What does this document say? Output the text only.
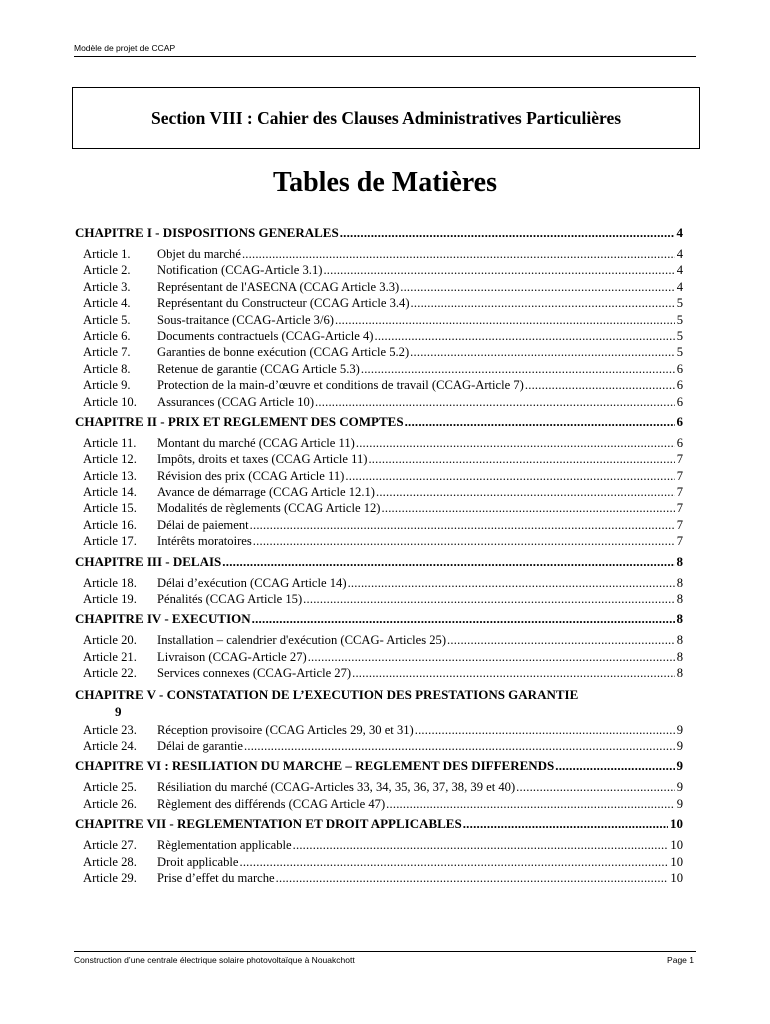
Modèle de projet de CCAP
Section VIII : Cahier des Clauses Administratives Particulières
Tables de Matières
CHAPITRE I - DISPOSITIONS GENERALES .....	4
Article 1.	Objet du marché .....	4
Article 2.	Notification (CCAG-Article 3.1) .....	4
Article 3.	Représentant de l'ASECNA (CCAG Article 3.3) .....	4
Article 4.	Représentant du Constructeur (CCAG Article 3.4) .....	5
Article 5.	Sous-traitance (CCAG-Article 3/6) .....	5
Article 6.	Documents contractuels (CCAG-Article 4) .....	5
Article 7.	Garanties de bonne exécution (CCAG Article 5.2) .....	5
Article 8.	Retenue de garantie (CCAG Article 5.3) .....	6
Article 9.	Protection de la main-d’œuvre et conditions de travail (CCAG-Article 7) .....	6
Article 10.	Assurances (CCAG Article 10) .....	6
CHAPITRE II - PRIX ET REGLEMENT DES COMPTES .....	6
Article 11.	Montant du marché (CCAG Article 11) .....	6
Article 12.	Impôts, droits et taxes (CCAG Article 11) .....	7
Article 13.	Révision des prix (CCAG Article 11) .....	7
Article 14.	Avance de démarrage (CCAG Article 12.1) .....	7
Article 15.	Modalités de règlements (CCAG Article 12) .....	7
Article 16.	Délai de paiement .....	7
Article 17.	Intérêts moratoires .....	7
CHAPITRE III - DELAIS .....	8
Article 18.	Délai d’exécution (CCAG Article 14) .....	8
Article 19.	Pénalités (CCAG Article 15) .....	8
CHAPITRE IV - EXECUTION .....	8
Article 20.	Installation – calendrier d'exécution (CCAG- Articles 25) .....	8
Article 21.	Livraison (CCAG-Article 27) .....	8
Article 22.	Services connexes (CCAG-Article 27) .....	8
CHAPITRE V - CONSTATATION DE L’EXECUTION DES PRESTATIONS GARANTIE
9
Article 23.	Réception provisoire (CCAG Articles 29, 30 et 31) .....	9
Article 24.	Délai de garantie .....	9
CHAPITRE VI : RESILIATION DU MARCHE – REGLEMENT DES DIFFERENDS .....	9
Article 25.	Résiliation du marché (CCAG-Articles 33, 34, 35, 36, 37, 38, 39 et 40) .....	9
Article 26.	Règlement des différends (CCAG Article 47) .....	9
CHAPITRE VII - REGLEMENTATION ET DROIT APPLICABLES .....	10
Article 27.	Règlementation applicable .....	10
Article 28.	Droit applicable .....	10
Article 29.	Prise d’effet du marche .....	10
Construction d’une centrale électrique solaire photovoltaïque à Nouakchott	Page 1
